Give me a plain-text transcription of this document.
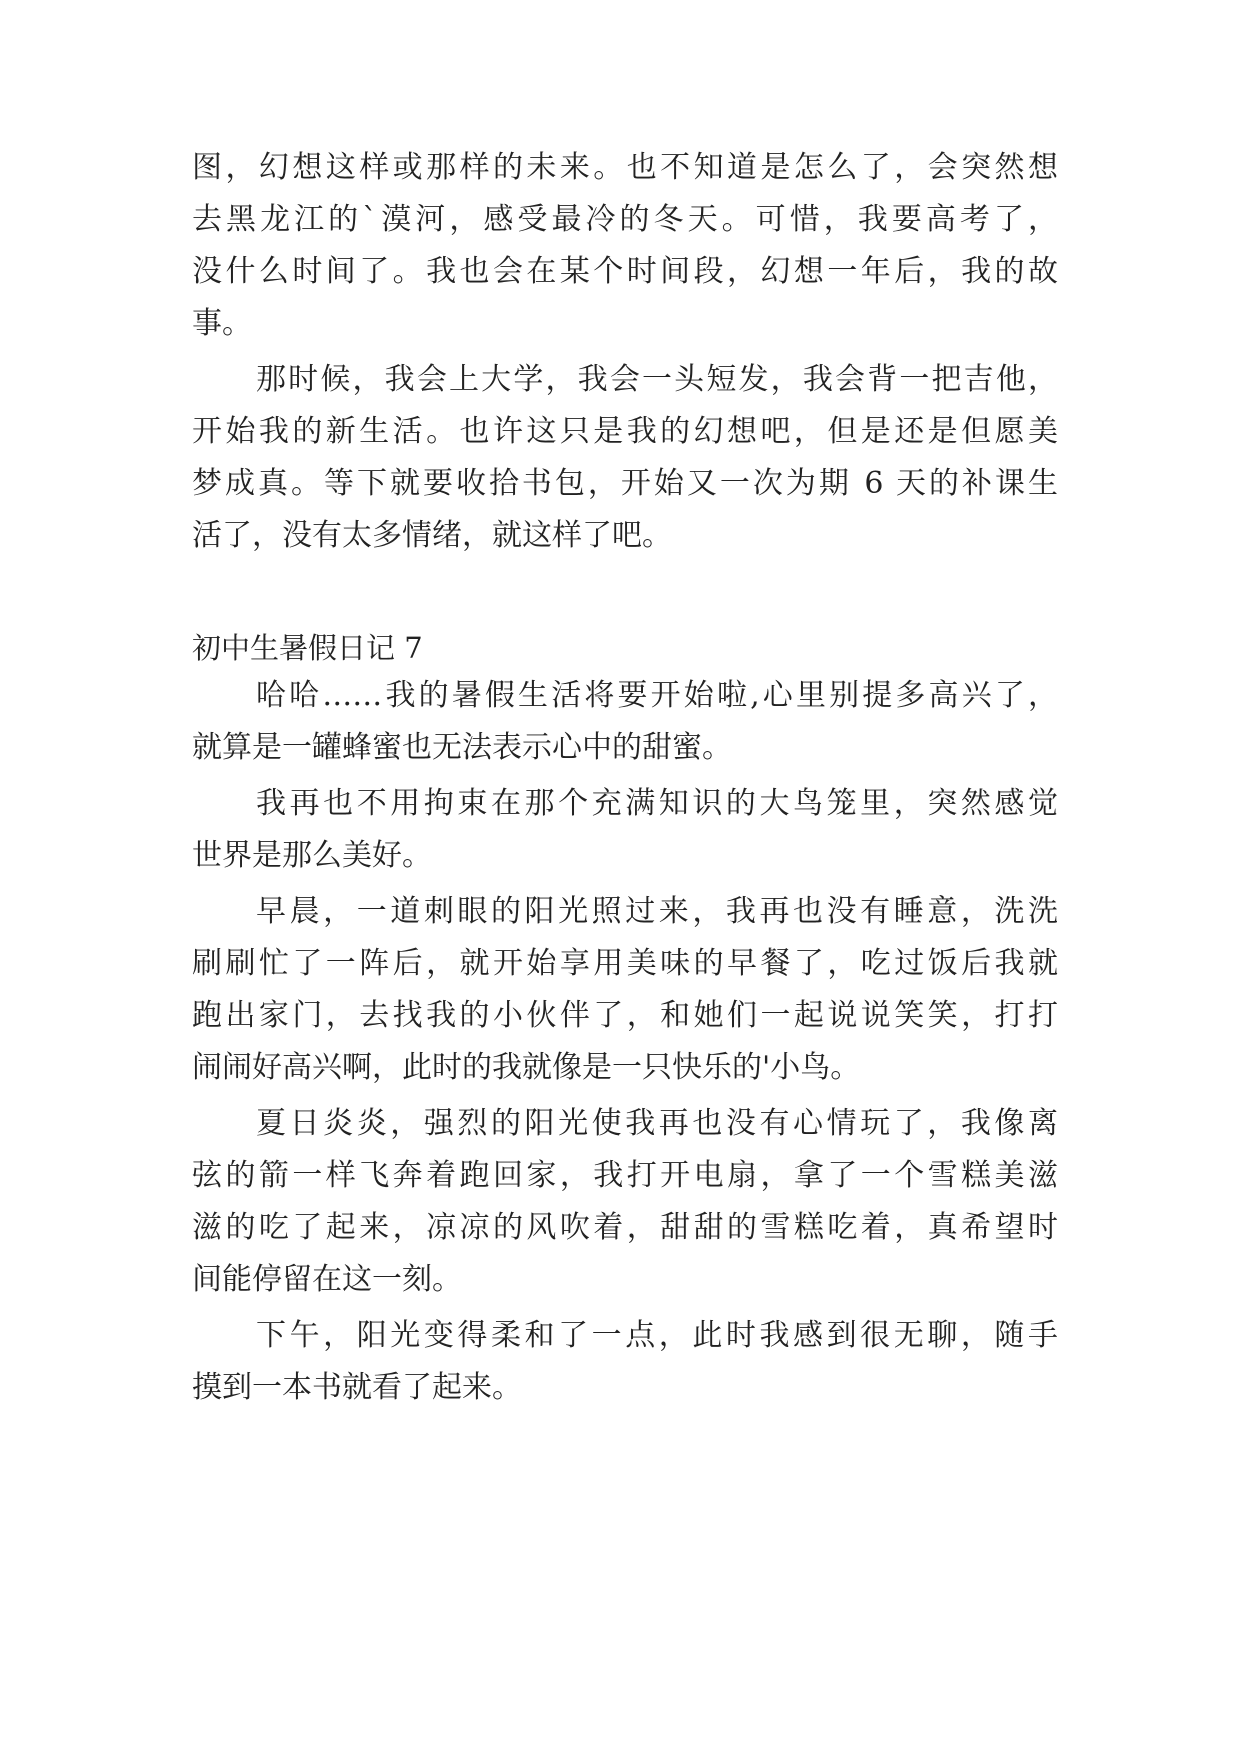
图，幻想这样或那样的未来。也不知道是怎么了，会突然想
去黑龙江的`漠河，感受最冷的冬天。可惜，我要高考了，
没什么时间了。我也会在某个时间段，幻想一年后，我的故
事。
那时候，我会上大学，我会一头短发，我会背一把吉他，
开始我的新生活。也许这只是我的幻想吧，但是还是但愿美
梦成真。等下就要收拾书包，开始又一次为期 6 天的补课生
活了，没有太多情绪，就这样了吧。
初中生暑假日记 7
哈哈……我的暑假生活将要开始啦,心里别提多高兴了，
就算是一罐蜂蜜也无法表示心中的甜蜜。
我再也不用拘束在那个充满知识的大鸟笼里，突然感觉
世界是那么美好。
早晨，一道刺眼的阳光照过来，我再也没有睡意，洗洗
刷刷忙了一阵后，就开始享用美味的早餐了，吃过饭后我就
跑出家门，去找我的小伙伴了，和她们一起说说笑笑，打打
闹闹好高兴啊，此时的我就像是一只快乐的'小鸟。
夏日炎炎，强烈的阳光使我再也没有心情玩了，我像离
弦的箭一样飞奔着跑回家，我打开电扇，拿了一个雪糕美滋
滋的吃了起来，凉凉的风吹着，甜甜的雪糕吃着，真希望时
间能停留在这一刻。
下午，阳光变得柔和了一点，此时我感到很无聊，随手
摸到一本书就看了起来。
